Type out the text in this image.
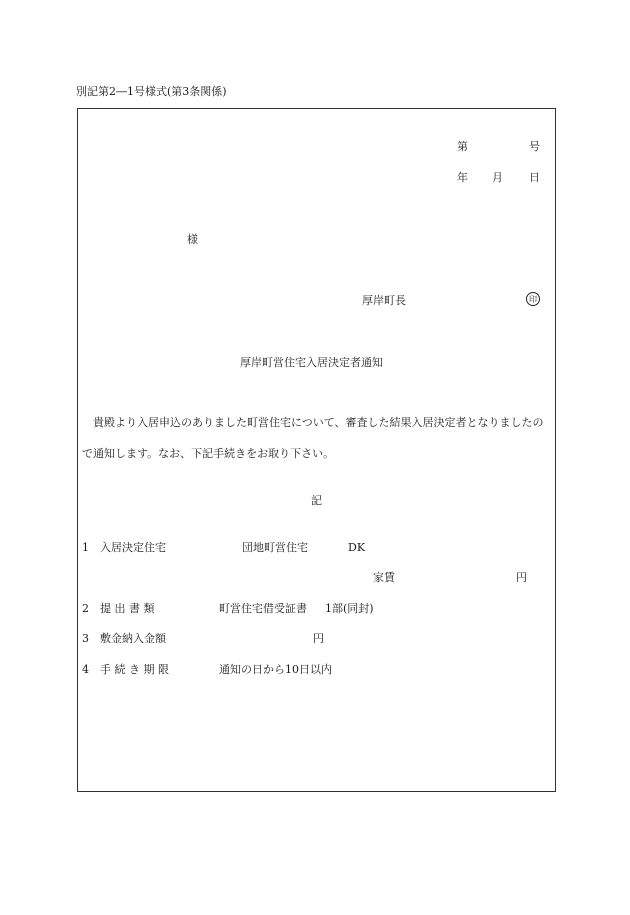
別記第2―1号様式(第3条関係)
第	号
年 月 日
様
厚岸町長	印
厚岸町営住宅入居決定者通知
　貴殿より入居申込のありました町営住宅について、審査した結果入居決定者となりましたので通知します。なお、下記手続きをお取り下さい。
記
1 入居決定住宅	団地町営住宅	DK
家賃	円
2 提 出 書 類	町営住宅借受証書 1部(同封)
3 敷金納入金額	円
4 手 続 き 期 限	通知の日から10日以内
